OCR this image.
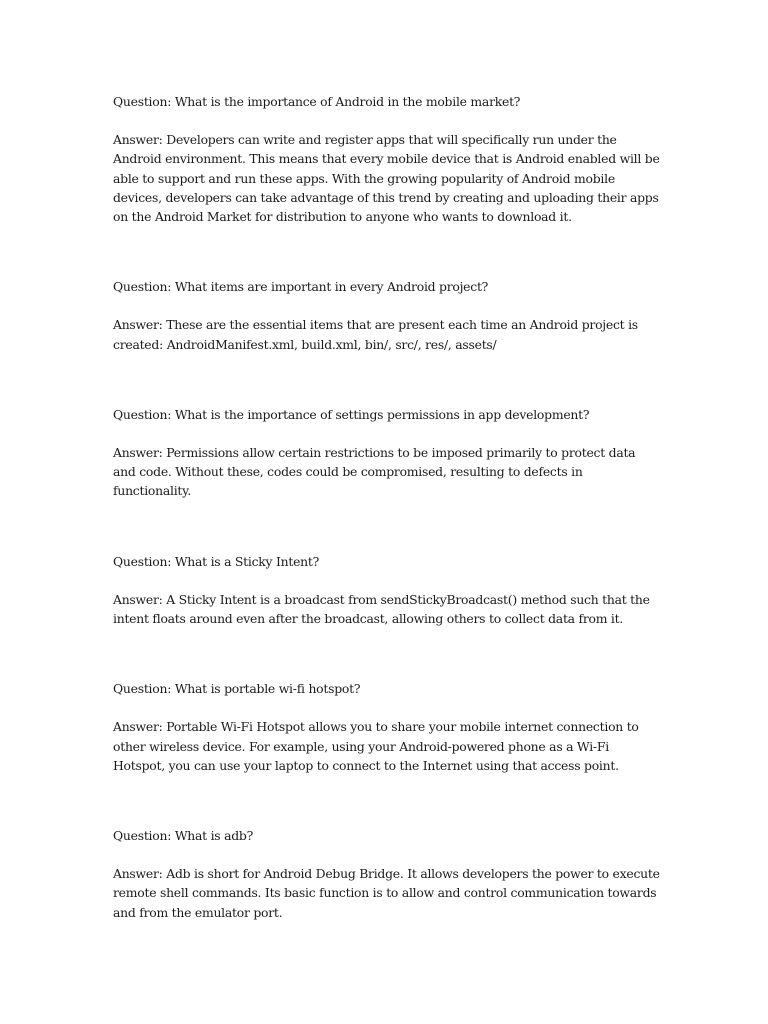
Question: What is the importance of Android in the mobile market?

Answer: Developers can write and register apps that will specifically run under the Android environment. This means that every mobile device that is Android enabled will be able to support and run these apps. With the growing popularity of Android mobile devices, developers can take advantage of this trend by creating and uploading their apps on the Android Market for distribution to anyone who wants to download it.

Question: What items are important in every Android project?

Answer: These are the essential items that are present each time an Android project is created: AndroidManifest.xml, build.xml, bin/, src/, res/, assets/

Question: What is the importance of settings permissions in app development?

Answer: Permissions allow certain restrictions to be imposed primarily to protect data and code. Without these, codes could be compromised, resulting to defects in functionality.

Question: What is a Sticky Intent?

Answer: A Sticky Intent is a broadcast from sendStickyBroadcast() method such that the intent floats around even after the broadcast, allowing others to collect data from it.

Question: What is portable wi-fi hotspot?

Answer: Portable Wi-Fi Hotspot allows you to share your mobile internet connection to other wireless device. For example, using your Android-powered phone as a Wi-Fi Hotspot, you can use your laptop to connect to the Internet using that access point.

Question: What is adb?

Answer: Adb is short for Android Debug Bridge. It allows developers the power to execute remote shell commands. Its basic function is to allow and control communication towards and from the emulator port.
